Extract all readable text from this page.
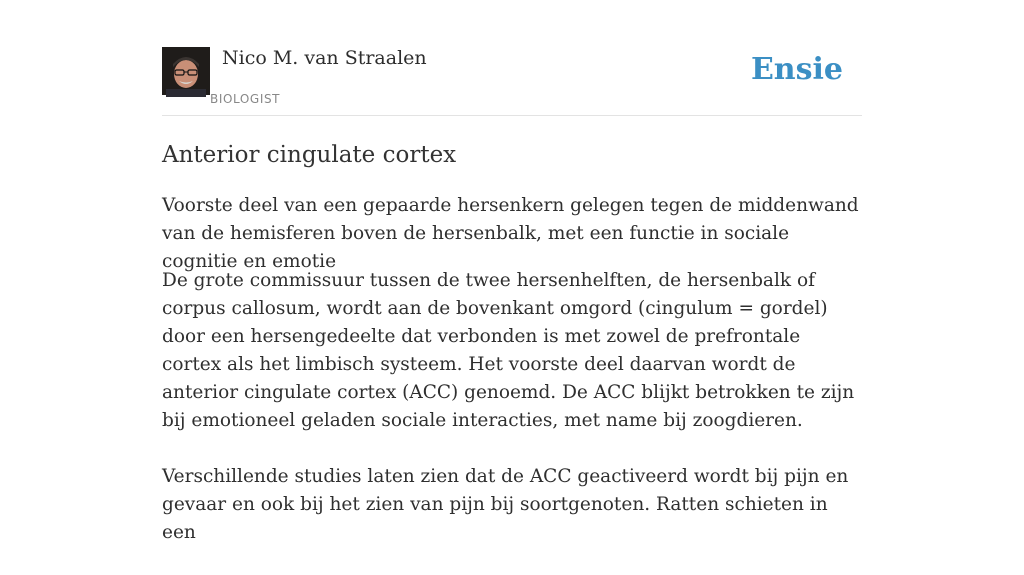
Nico M. van Straalen
BIOLOGIST
Ensie
Anterior cingulate cortex

Voorste deel van een gepaarde hersenkern gelegen tegen de middenwand van de hemisferen boven de hersenbalk, met een functie in sociale cognitie en emotie

De grote commissuur tussen de twee hersenhelften, de hersenbalk of corpus callosum, wordt aan de bovenkant omgord (cingulum = gordel) door een hersengedeelte dat verbonden is met zowel de prefrontale cortex als het limbisch systeem. Het voorste deel daarvan wordt de anterior cingulate cortex (ACC) genoemd. De ACC blijkt betrokken te zijn bij emotioneel geladen sociale interacties, met name bij zoogdieren.

Verschillende studies laten zien dat de ACC geactiveerd wordt bij pijn en gevaar en ook bij het zien van pijn bij soortgenoten. Ratten schieten in een
